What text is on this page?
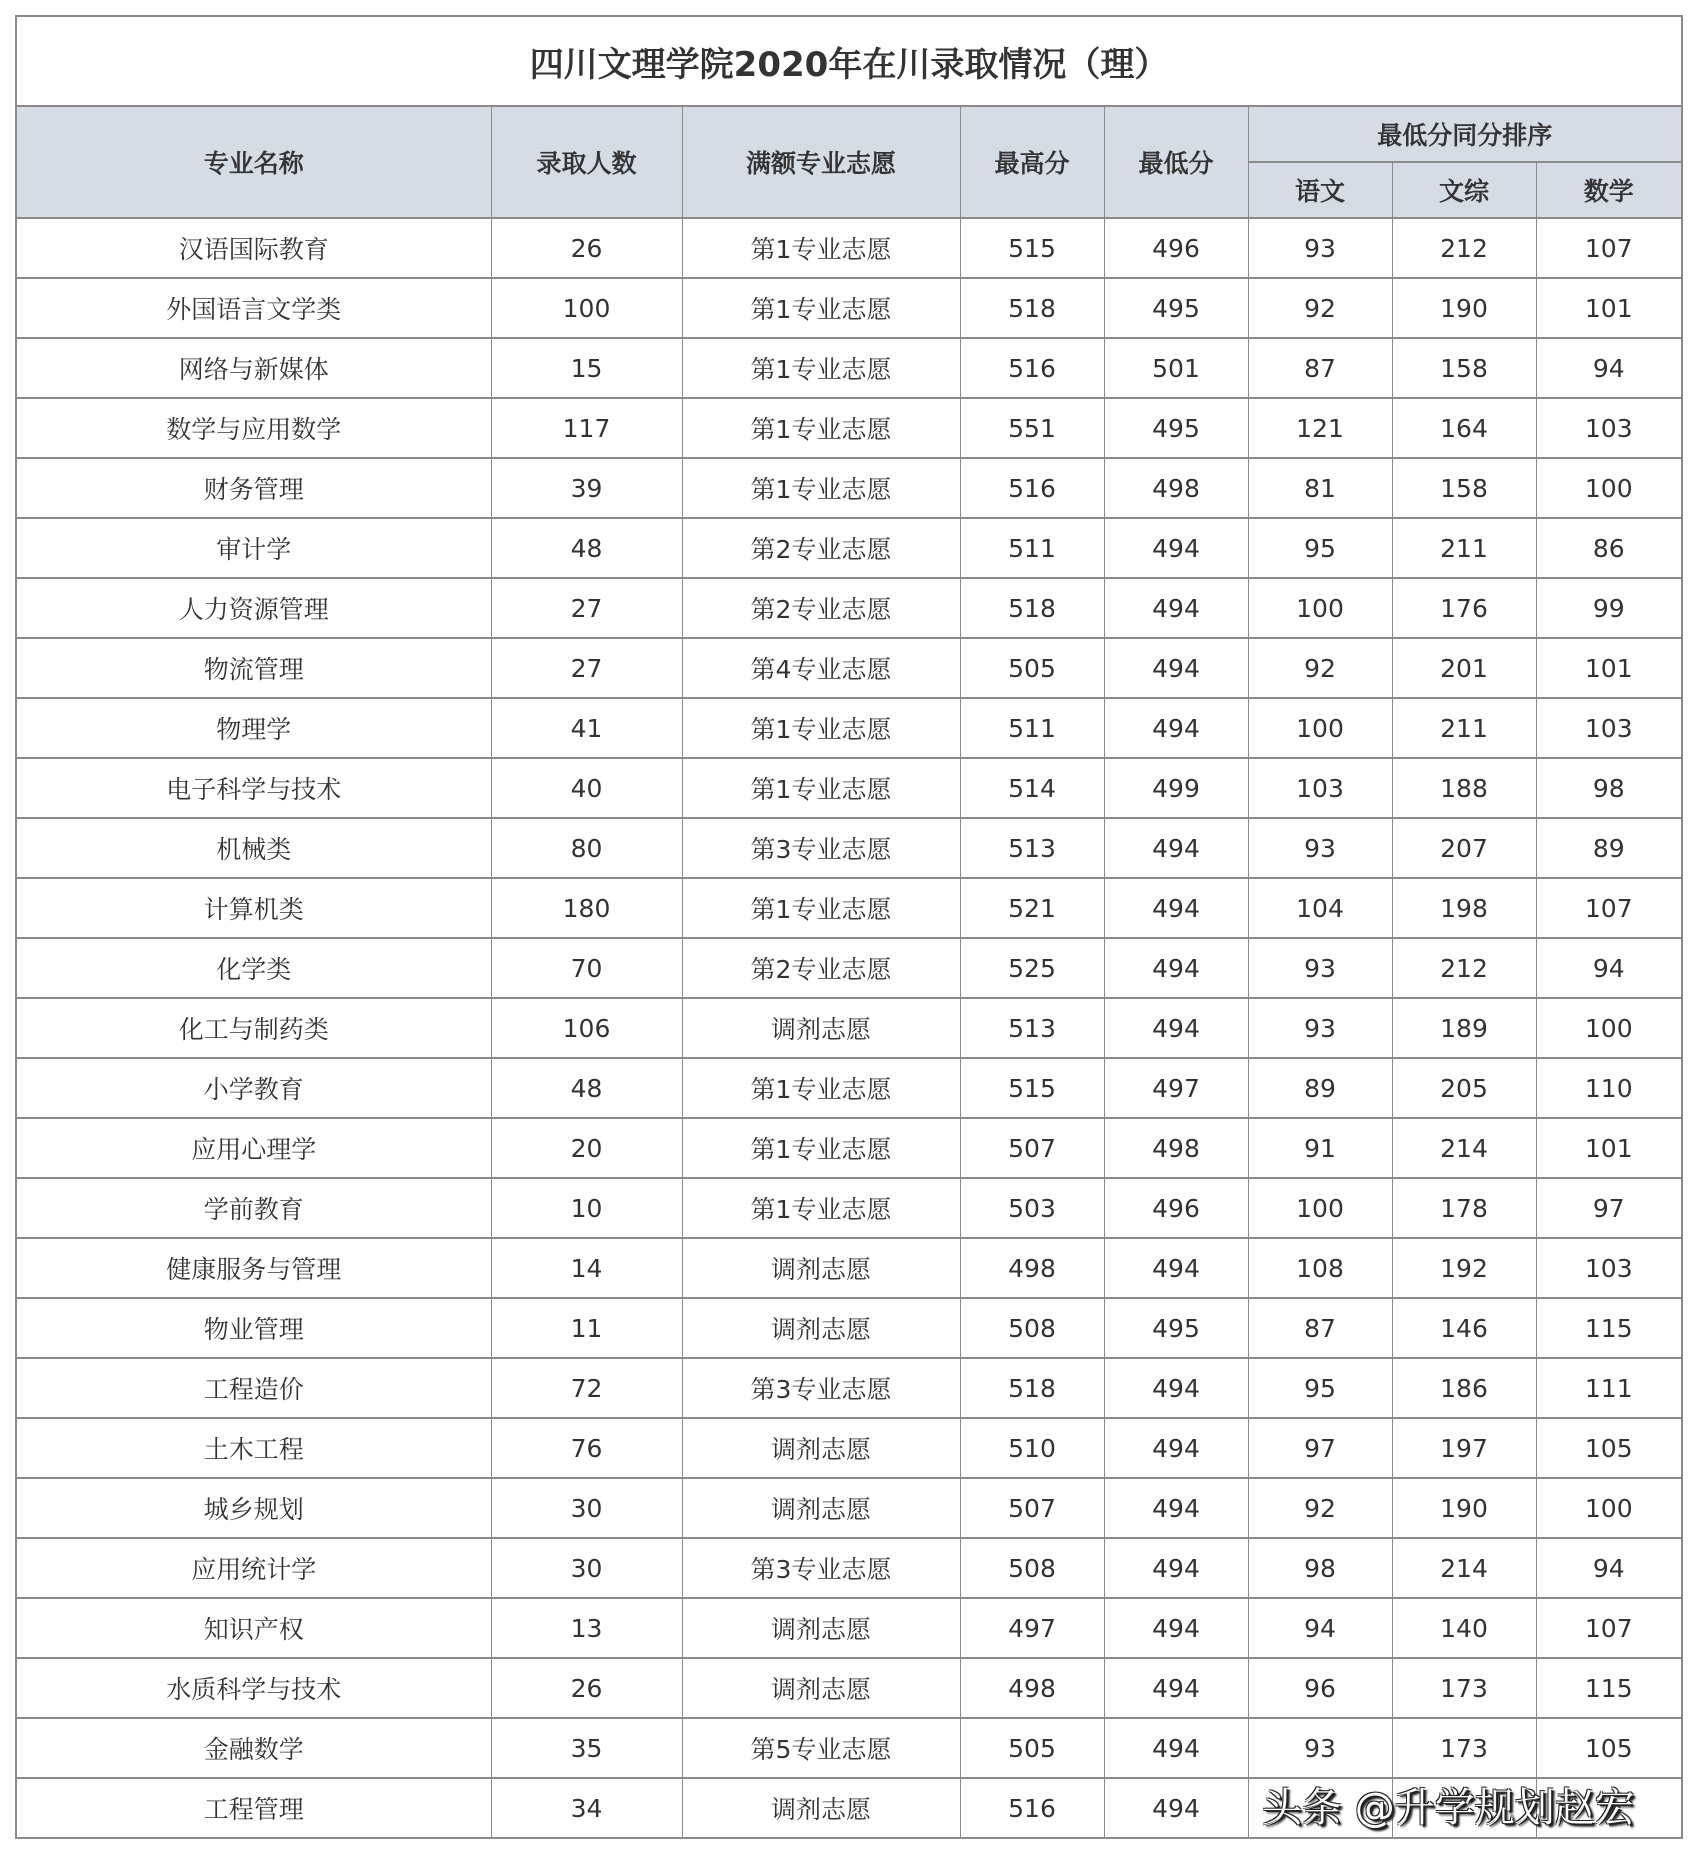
四川文理学院2020年在川录取情况（理）							
专业名称	录取人数	满额专业志愿	最高分	最低分	最低分同分排序		
					语文	文综	数学
汉语国际教育	26	第1专业志愿	515	496	93	212	107
外国语言文学类	100	第1专业志愿	518	495	92	190	101
网络与新媒体	15	第1专业志愿	516	501	87	158	94
数学与应用数学	117	第1专业志愿	551	495	121	164	103
财务管理	39	第1专业志愿	516	498	81	158	100
审计学	48	第2专业志愿	511	494	95	211	86
人力资源管理	27	第2专业志愿	518	494	100	176	99
物流管理	27	第4专业志愿	505	494	92	201	101
物理学	41	第1专业志愿	511	494	100	211	103
电子科学与技术	40	第1专业志愿	514	499	103	188	98
机械类	80	第3专业志愿	513	494	93	207	89
计算机类	180	第1专业志愿	521	494	104	198	107
化学类	70	第2专业志愿	525	494	93	212	94
化工与制药类	106	调剂志愿	513	494	93	189	100
小学教育	48	第1专业志愿	515	497	89	205	110
应用心理学	20	第1专业志愿	507	498	91	214	101
学前教育	10	第1专业志愿	503	496	100	178	97
健康服务与管理	14	调剂志愿	498	494	108	192	103
物业管理	11	调剂志愿	508	495	87	146	115
工程造价	72	第3专业志愿	518	494	95	186	111
土木工程	76	调剂志愿	510	494	97	197	105
城乡规划	30	调剂志愿	507	494	92	190	100
应用统计学	30	第3专业志愿	508	494	98	214	94
知识产权	13	调剂志愿	497	494	94	140	107
水质科学与技术	26	调剂志愿	498	494	96	173	115
金融数学	35	第5专业志愿	505	494	93	173	105
工程管理	34	调剂志愿	516	494			头条 @升学规划赵宏
